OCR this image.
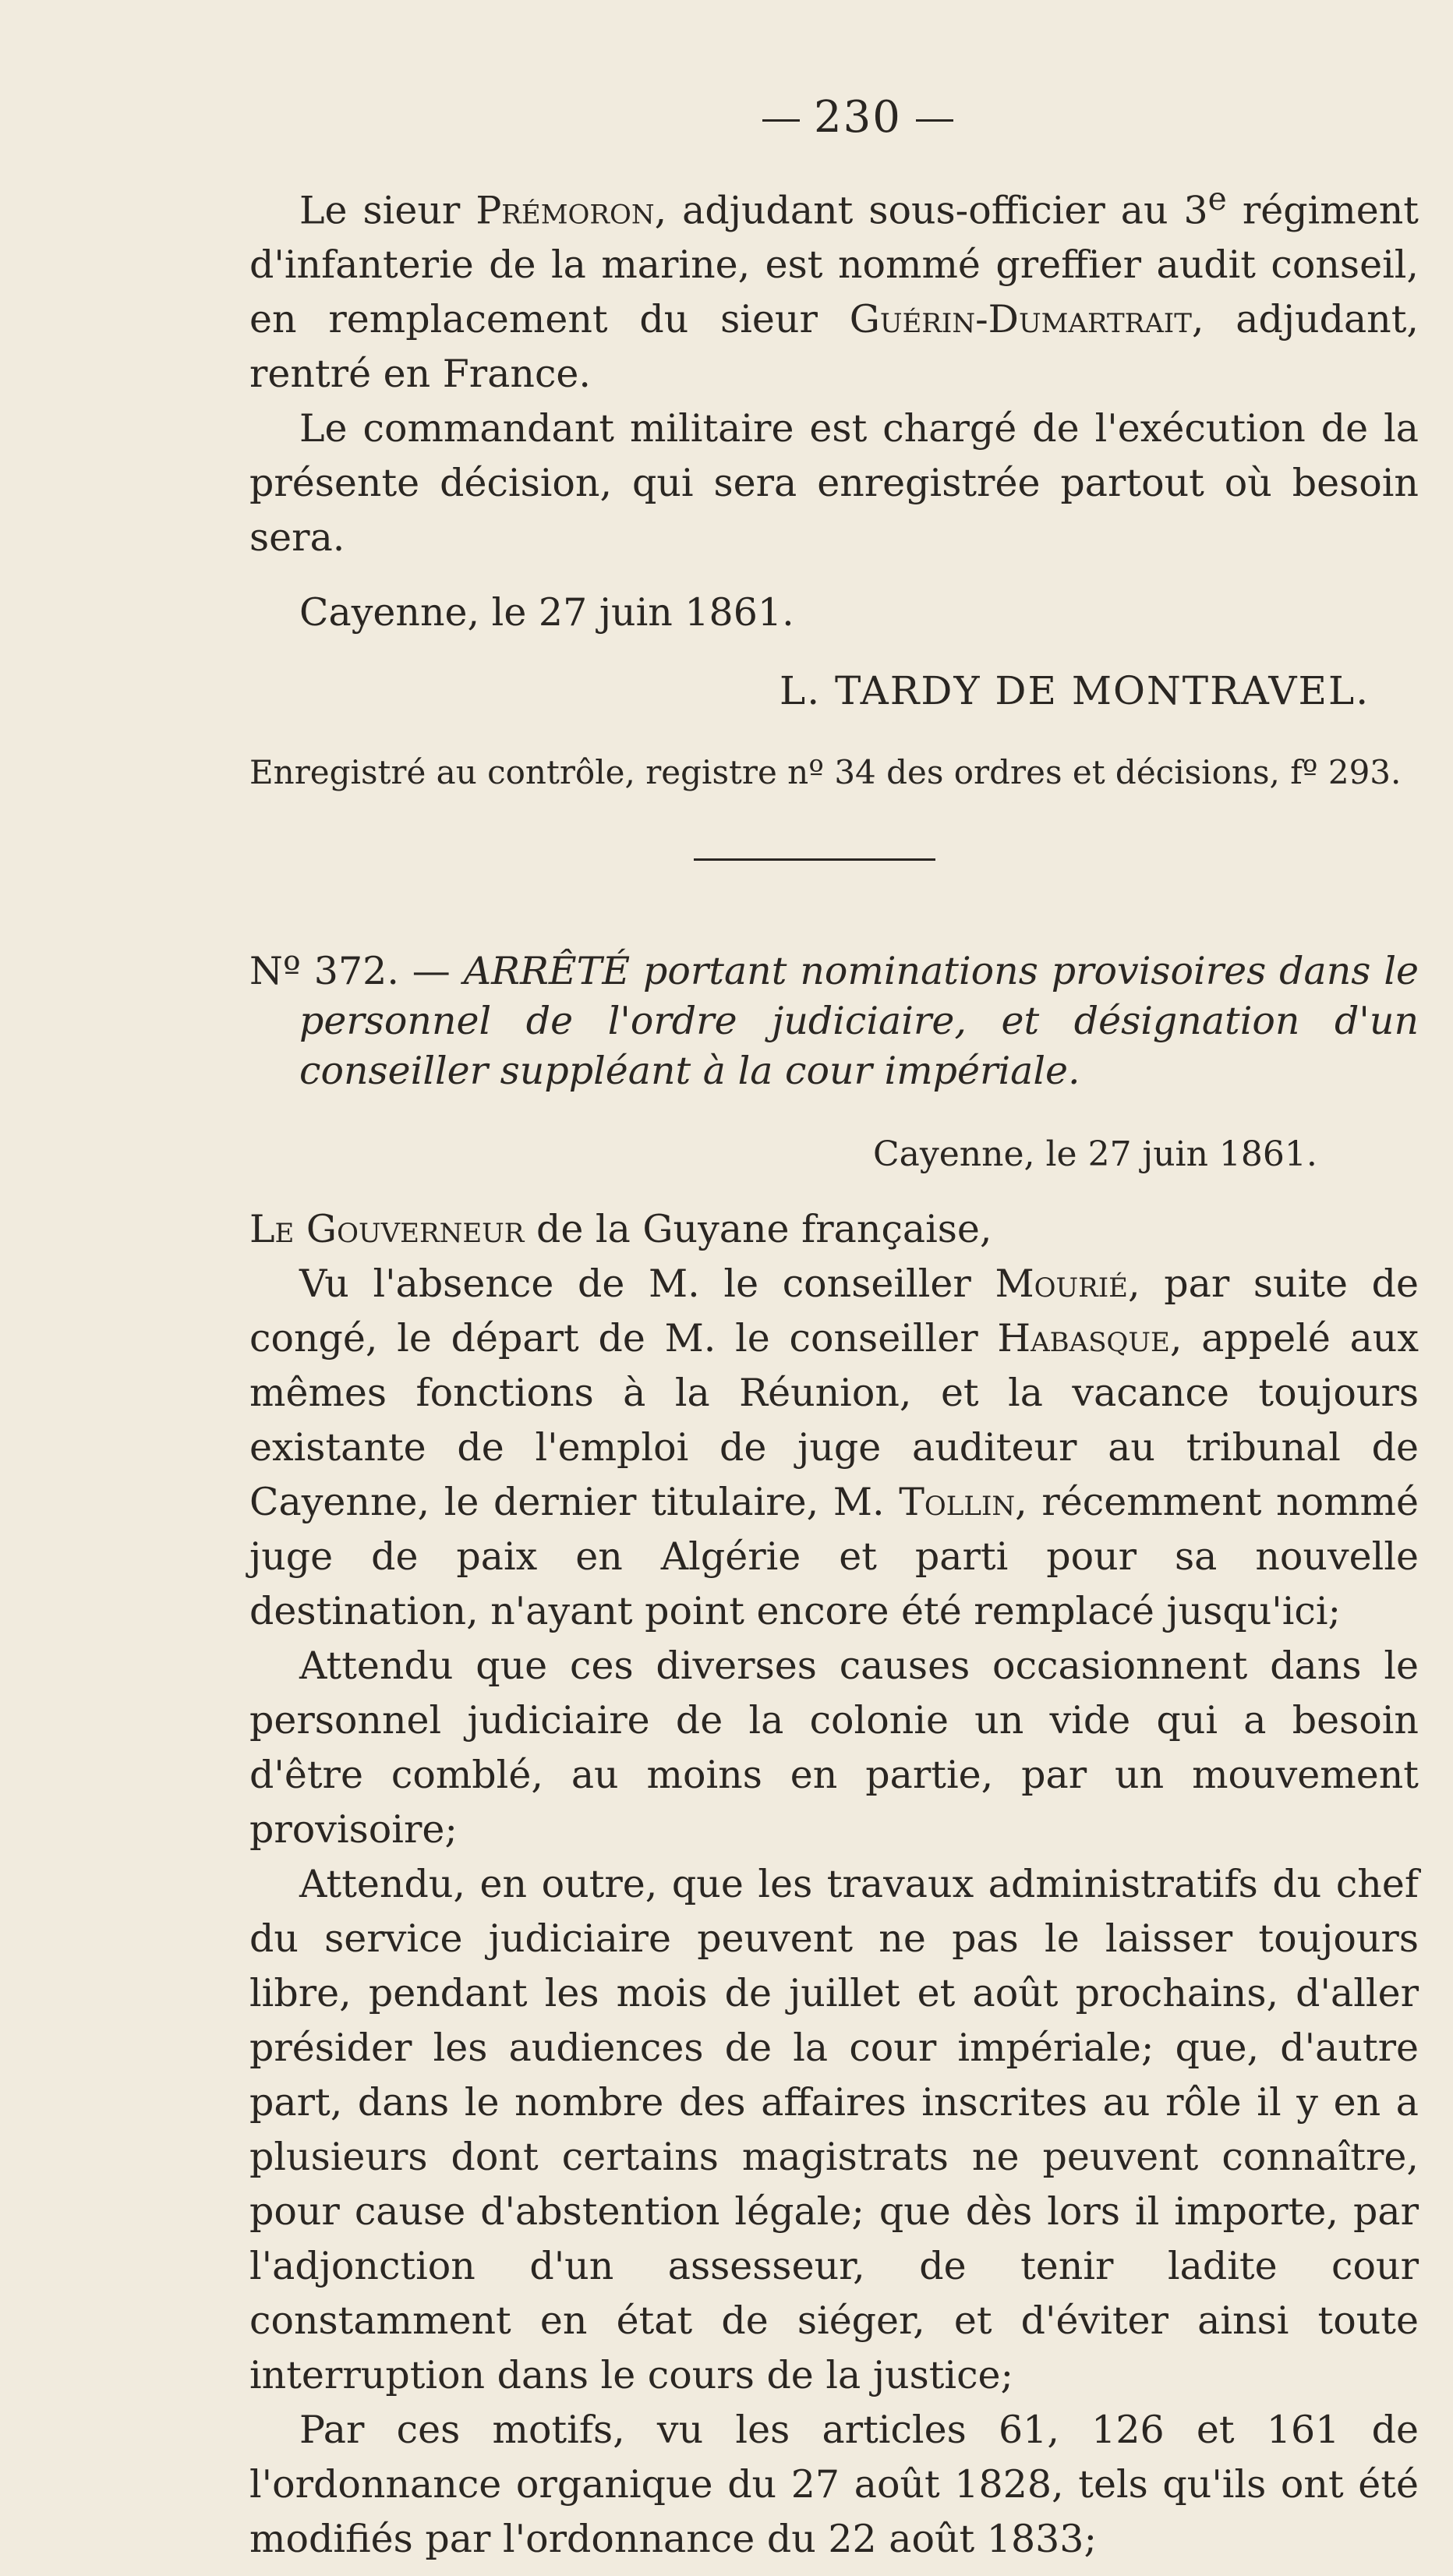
230

Le sieur Prémoron, adjudant sous-officier au 3e régiment d'infanterie de la marine, est nommé greffier audit conseil, en remplacement du sieur Guérin-Dumartrait, adjudant, rentré en France.

Le commandant militaire est chargé de l'exécution de la présente décision, qui sera enregistrée partout où besoin sera.

Cayenne, le 27 juin 1861.

L. TARDY DE MONTRAVEL.

Enregistré au contrôle, registre nº 34 des ordres et décisions, fº 293.

Nº 372. — ARRÊTÉ portant nominations provisoires dans le personnel de l'ordre judiciaire, et désignation d'un conseiller suppléant à la cour impériale.

Cayenne, le 27 juin 1861.

Le Gouverneur de la Guyane française,

Vu l'absence de M. le conseiller Mourié, par suite de congé, le départ de M. le conseiller Habasque, appelé aux mêmes fonctions à la Réunion, et la vacance toujours existante de l'emploi de juge auditeur au tribunal de Cayenne, le dernier titulaire, M. Tollin, récemment nommé juge de paix en Algérie et parti pour sa nouvelle destination, n'ayant point encore été remplacé jusqu'ici;

Attendu que ces diverses causes occasionnent dans le personnel judiciaire de la colonie un vide qui a besoin d'être comblé, au moins en partie, par un mouvement provisoire;

Attendu, en outre, que les travaux administratifs du chef du service judiciaire peuvent ne pas le laisser toujours libre, pendant les mois de juillet et août prochains, d'aller présider les audiences de la cour impériale; que, d'autre part, dans le nombre des affaires inscrites au rôle il y en a plusieurs dont certains magistrats ne peuvent connaître, pour cause d'abstention légale; que dès lors il importe, par l'adjonction d'un assesseur, de tenir ladite cour constamment en état de siéger, et d'éviter ainsi toute interruption dans le cours de la justice;

Par ces motifs, vu les articles 61, 126 et 161 de l'ordonnance organique du 27 août 1828, tels qu'ils ont été modifiés par l'ordonnance du 22 août 1833;
